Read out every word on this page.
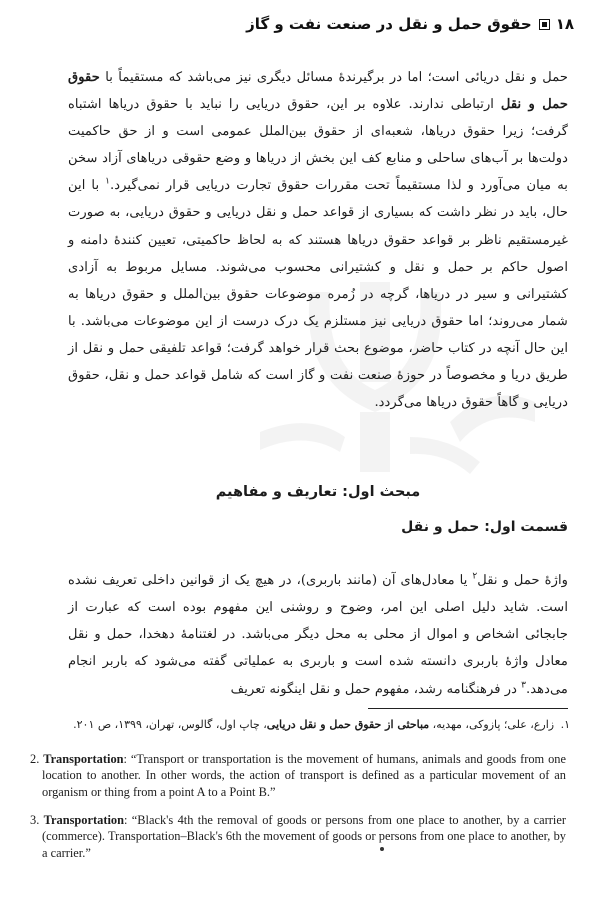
۱۸
حقوق حمل و نقل در صنعت نفت و گاز

حمل و نقل دریائی است؛ اما در برگیرندهٔ مسائل دیگری نیز می‌باشد که مستقیماً با حقوق حمل و نقل ارتباطی ندارند. علاوه بر این، حقوق دریایی را نباید با حقوق دریاها اشتباه گرفت؛ زیرا حقوق دریاها، شعبه‌ای از حقوق بین‌الملل عمومی است و از حق حاکمیت دولت‌ها بر آب‌های ساحلی و منابع کف این بخش از دریاها و وضع حقوقی دریاهای آزاد سخن به میان می‌آورد و لذا مستقیماً تحت مقررات حقوق تجارت دریایی قرار نمی‌گیرد.$^۱$ با این حال، باید در نظر داشت که بسیاری از قواعد حمل و نقل دریایی و حقوق دریایی، به صورت غیرمستقیم ناظر بر قواعد حقوق دریاها هستند که به لحاظ حاکمیتی، تعیین کنندهٔ دامنه و اصول حاکم بر حمل و نقل و کشتیرانی محسوب می‌شوند. مسایل مربوط به آزادی کشتیرانی و سیر در دریاها، گرچه در زُمره موضوعات حقوق بین‌الملل و حقوق دریاها به شمار می‌روند؛ اما حقوق دریایی نیز مستلزم یک درک درست از این موضوعات می‌باشد. با این حال آنچه در کتاب حاضر، موضوع بحث قرار خواهد گرفت؛ قواعد تلفیقی حمل و نقل از طریق دریا و مخصوصاً در حوزهٔ صنعت نفت و گاز است که شامل قواعد حمل و نقل، حقوق دریایی و گاهاً حقوق دریاها می‌گردد.

مبحث اول: تعاریف و مفاهیم
قسمت اول: حمل و نقل

واژهٔ حمل و نقل$^۲$ یا معادل‌های آن (مانند باربری)، در هیچ یک از قوانین داخلی تعریف نشده است. شاید دلیل اصلی این امر، وضوح و روشنی این مفهوم بوده است که عبارت از جابجائی اشخاص و اموال از محلی به محل دیگر می‌باشد. در لغتنامهٔ دهخدا، حمل و نقل معادل واژهٔ باربری دانسته شده است و باربری به عملیاتی گفته می‌شود که باربر انجام می‌دهد.$^۳$ در فرهنگنامه رشد، مفهوم حمل و نقل اینگونه تعریف

۱. زارع، علی؛ پازوکی، مهدیه، مباحثی از حقوق حمل و نقل دریایی، چاپ اول، گالوس، تهران، ۱۳۹۹، ص ۲۰۱.
2. Transportation: “Transport or transportation is the movement of humans, animals and goods from one location to another. In other words, the action of transport is defined as a particular movement of an organism or thing from a point A to a Point B.”
3. Transportation: “Black's 4th the removal of goods or persons from one place to another, by a carrier (commerce). Transportation–Black's 6th the movement of goods or persons from one place to another, by a carrier.”
